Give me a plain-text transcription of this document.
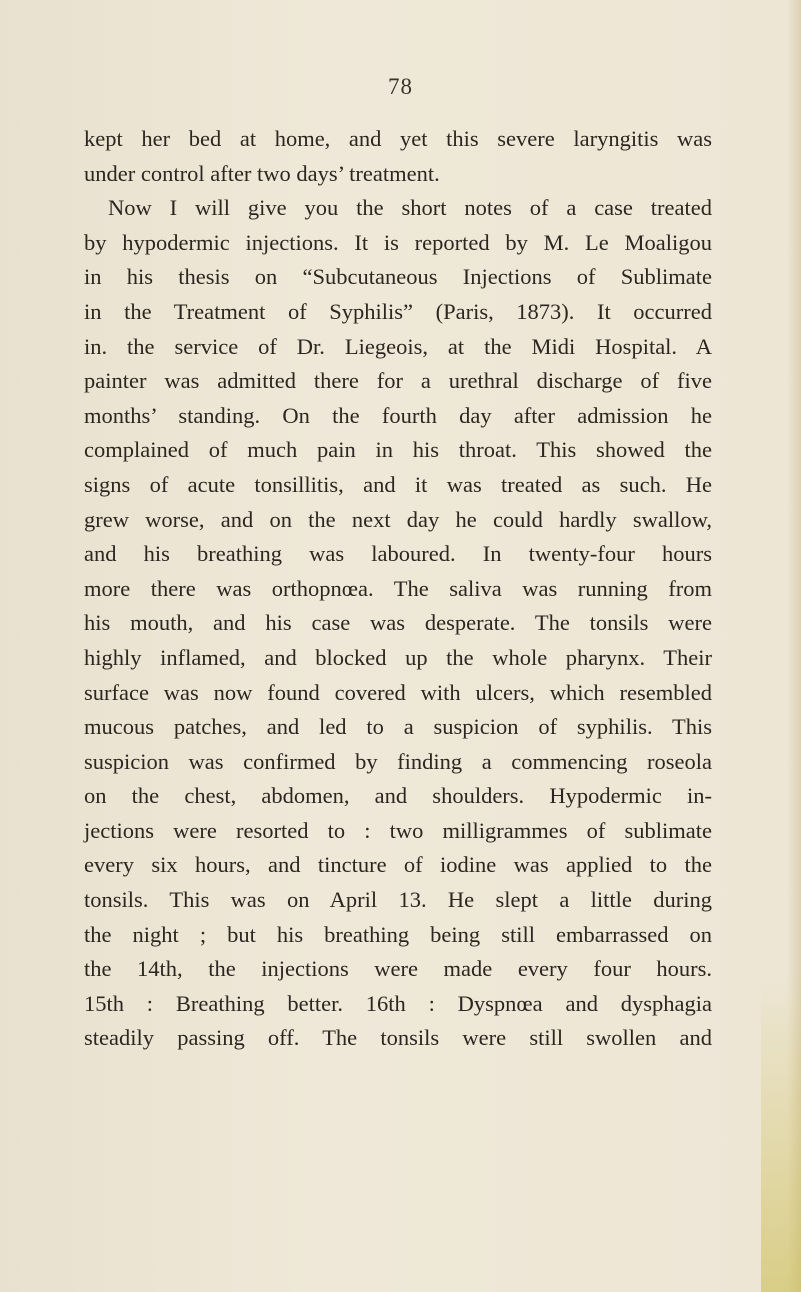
78
kept her bed at home, and yet this severe laryngitis was
under control after two days’ treatment.
Now I will give you the short notes of a case treated
by hypodermic injections. It is reported by M. Le Moaligou
in his thesis on “Subcutaneous Injections of Sublimate
in the Treatment of Syphilis” (Paris, 1873). It occurred
in. the service of Dr. Liegeois, at the Midi Hospital. A
painter was admitted there for a urethral discharge of five
months’ standing. On the fourth day after admission he
complained of much pain in his throat. This showed the
signs of acute tonsillitis, and it was treated as such. He
grew worse, and on the next day he could hardly swallow,
and his breathing was laboured. In twenty-four hours
more there was orthopnœa. The saliva was running from
his mouth, and his case was desperate. The tonsils were
highly inflamed, and blocked up the whole pharynx. Their
surface was now found covered with ulcers, which resembled
mucous patches, and led to a suspicion of syphilis. This
suspicion was confirmed by finding a commencing roseola
on the chest, abdomen, and shoulders. Hypodermic in-
jections were resorted to : two milligrammes of sublimate
every six hours, and tincture of iodine was applied to the
tonsils. This was on April 13. He slept a little during
the night ; but his breathing being still embarrassed on
the 14th, the injections were made every four hours.
15th : Breathing better. 16th : Dyspnœa and dysphagia
steadily passing off. The tonsils were still swollen and
